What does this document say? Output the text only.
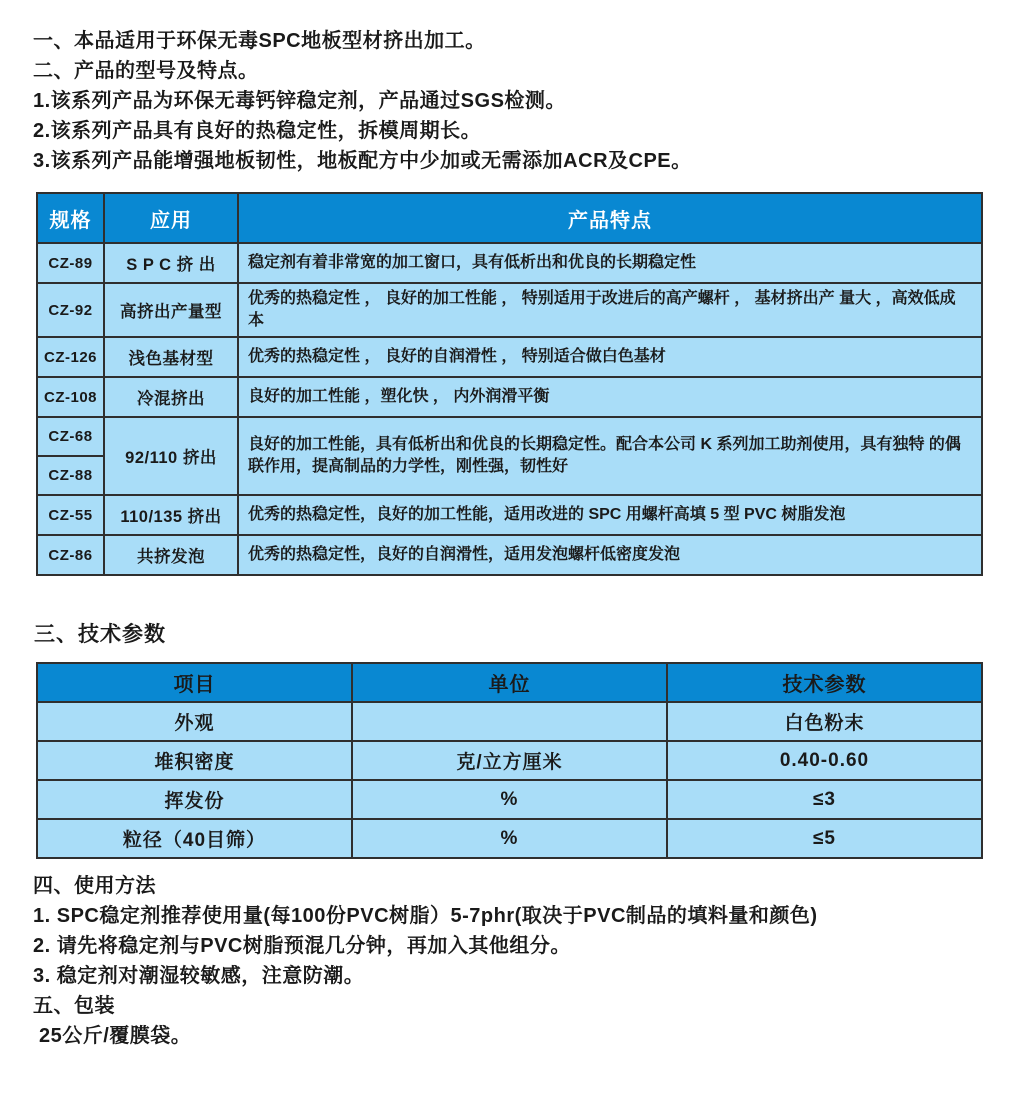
一、本品适用于环保无毒SPC地板型材挤出加工。
二、产品的型号及特点。
1.该系列产品为环保无毒钙锌稳定剂，产品通过SGS检测。
2.该系列产品具有良好的热稳定性，拆模周期长。
3.该系列产品能增强地板韧性，地板配方中少加或无需添加ACR及CPE。
规格	应用	产品特点
CZ-89	S P C 挤 出	稳定剂有着非常宽的加工窗口，具有低析出和优良的长期稳定性
CZ-92	高挤出产量型	优秀的热稳定性 ， 良好的加工性能 ， 特别适用于改进后的高产螺杆 ， 基材挤出产 量大 ，高效低成本
CZ-126	浅色基材型	优秀的热稳定性 ， 良好的自润滑性 ， 特别适合做白色基材
CZ-108	冷混挤出	良好的加工性能 ，塑化快 ， 内外润滑平衡
CZ-68	92/110 挤出	良好的加工性能，具有低析出和优良的长期稳定性。配合本公司 K 系列加工助剂使用，具有独特 的偶联作用，提高制品的力学性，刚性强，韧性好
CZ-88		
CZ-55	110/135 挤出	优秀的热稳定性，良好的加工性能，适用改进的 SPC 用螺杆高填 5 型 PVC 树脂发泡
CZ-86	共挤发泡	优秀的热稳定性，良好的自润滑性，适用发泡螺杆低密度发泡
三、技术参数
项目	单位	技术参数
外观		白色粉末
堆积密度	克/立方厘米	0.40-0.60
挥发份	%	≤3
粒径（40目筛）	%	≤5
四、使用方法
1. SPC稳定剂推荐使用量(每100份PVC树脂）5-7phr(取决于PVC制品的填料量和颜色)
2. 请先将稳定剂与PVC树脂预混几分钟，再加入其他组分。
3. 稳定剂对潮湿较敏感，注意防潮。
五、包装
25公斤/覆膜袋。
